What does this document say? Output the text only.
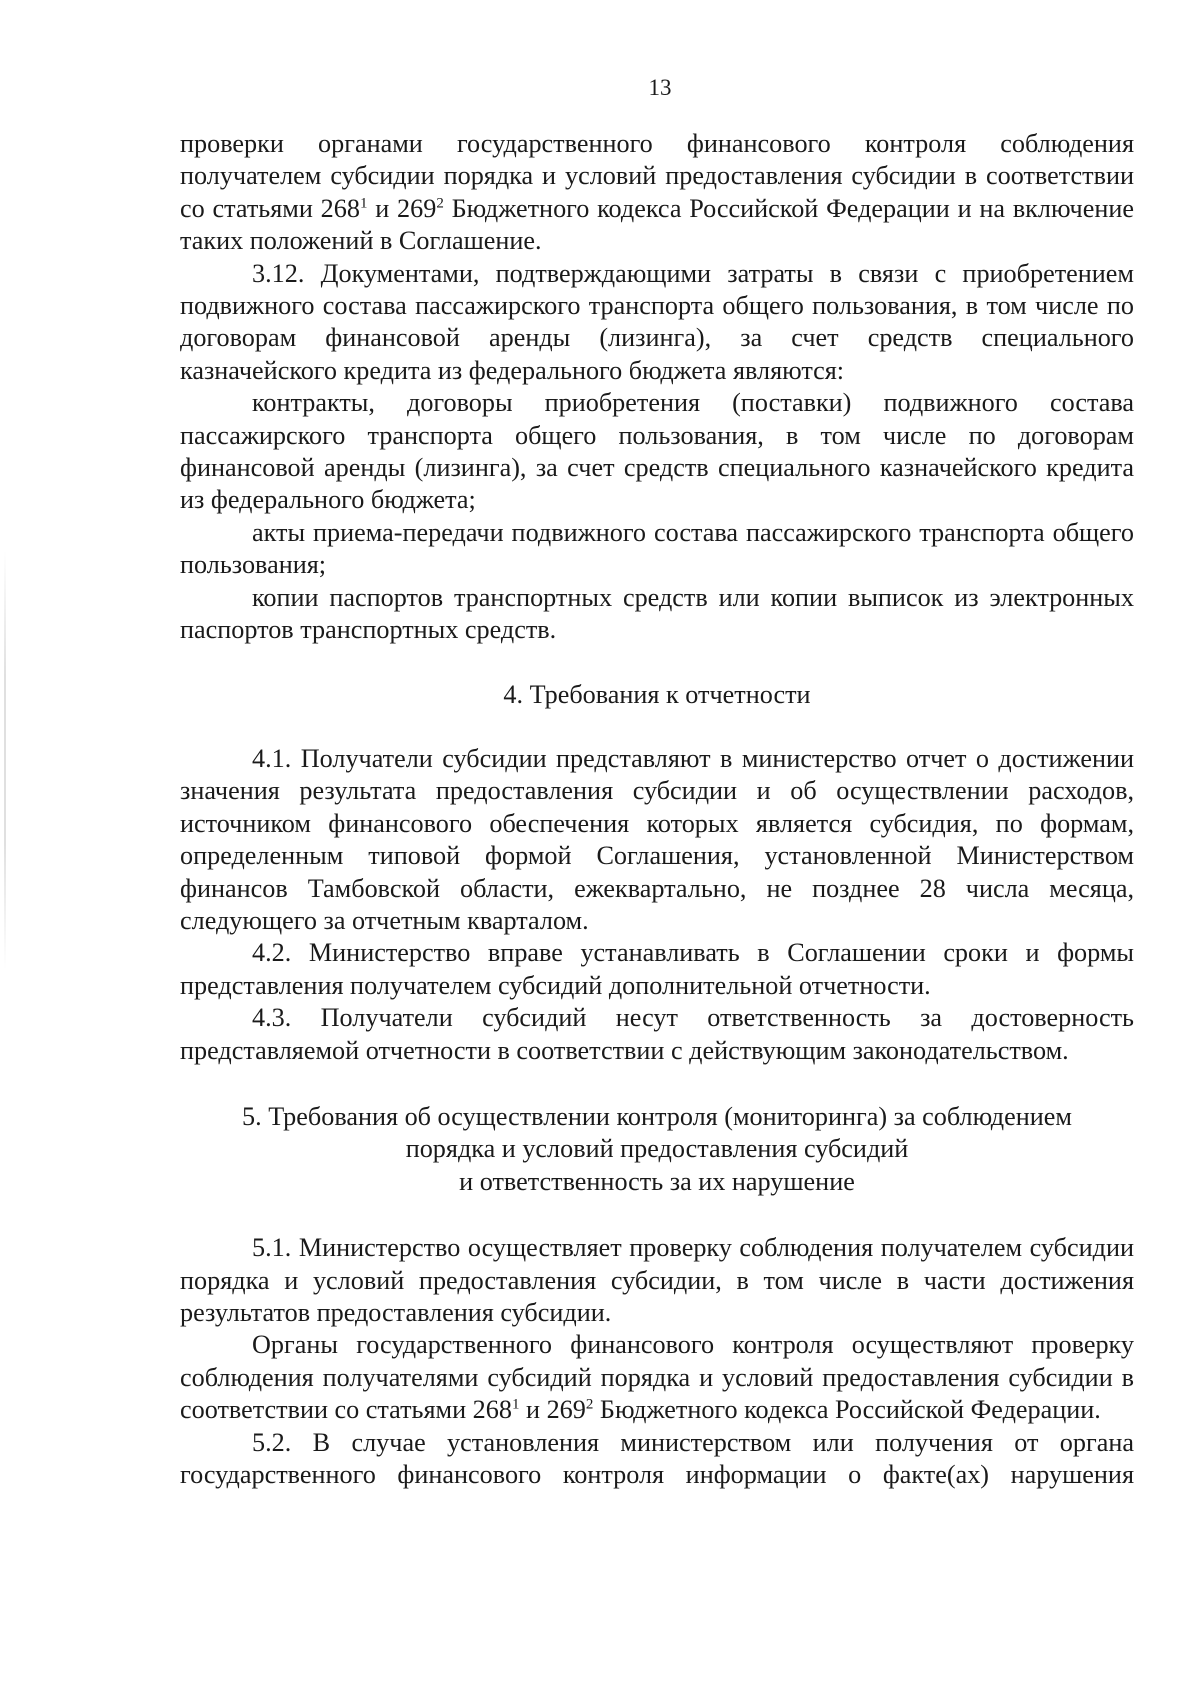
13

проверки органами государственного финансового контроля соблюдения получателем субсидии порядка и условий предоставления субсидии в соответствии со статьями $268^1$ и $269^2$ Бюджетного кодекса Российской Федерации и на включение таких положений в Соглашение.

3.12. Документами, подтверждающими затраты в связи с приобретением подвижного состава пассажирского транспорта общего пользования, в том числе по договорам финансовой аренды (лизинга), за счет средств специального казначейского кредита из федерального бюджета являются:

контракты, договоры приобретения (поставки) подвижного состава пассажирского транспорта общего пользования, в том числе по договорам финансовой аренды (лизинга), за счет средств специального казначейского кредита из федерального бюджета;

акты приема-передачи подвижного состава пассажирского транспорта общего пользования;

копии паспортов транспортных средств или копии выписок из электронных паспортов транспортных средств.

4. Требования к отчетности

4.1. Получатели субсидии представляют в министерство отчет о достижении значения результата предоставления субсидии и об осуществлении расходов, источником финансового обеспечения которых является субсидия, по формам, определенным типовой формой Соглашения, установленной Министерством финансов Тамбовской области, ежеквартально, не позднее 28 числа месяца, следующего за отчетным кварталом.

4.2. Министерство вправе устанавливать в Соглашении сроки и формы представления получателем субсидий дополнительной отчетности.

4.3. Получатели субсидий несут ответственность за достоверность представляемой отчетности в соответствии с действующим законодательством.

5. Требования об осуществлении контроля (мониторинга) за соблюдением
порядка и условий предоставления субсидий
и ответственность за их нарушение

5.1. Министерство осуществляет проверку соблюдения получателем субсидии порядка и условий предоставления субсидии, в том числе в части достижения результатов предоставления субсидии.

Органы государственного финансового контроля осуществляют проверку соблюдения получателями субсидий порядка и условий предоставления субсидии в соответствии со статьями $268^1$ и $269^2$ Бюджетного кодекса Российской Федерации.

5.2. В случае установления министерством или получения от органа государственного финансового контроля информации о факте(ах) нарушения
